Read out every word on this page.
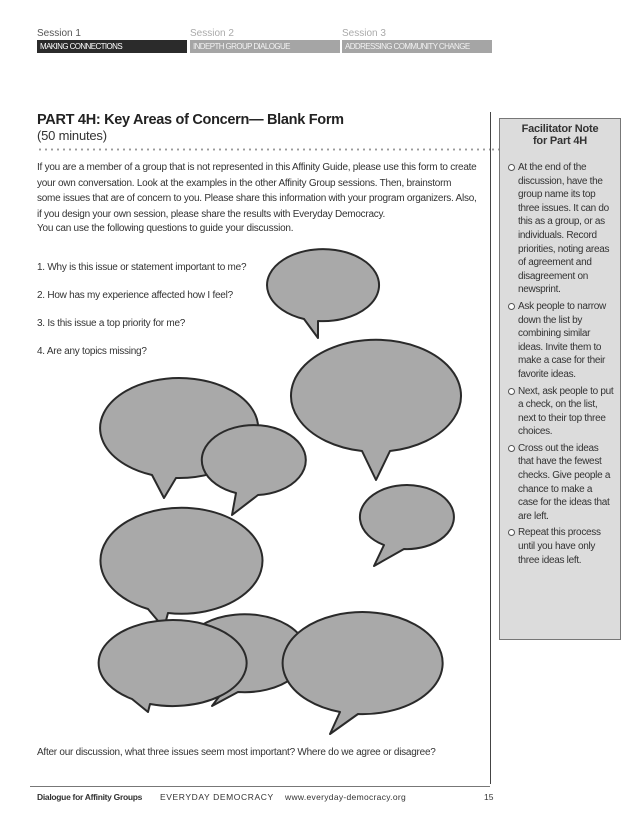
Session 1
MAKING CONNECTIONS
Session 2
INDEPTH GROUP DIALOGUE
Session 3
ADDRESSING COMMUNITY CHANGE
PART 4H: Key Areas of Concern— Blank Form
(50 minutes)
If you are a member of a group that is not represented in this Affinity Guide, please use this form to create your own conversation. Look at the examples in the other Affinity Group sessions. Then, brainstorm some issues that are of concern to you. Please share this information with your program organizers. Also, if you design your own session, please share the results with Everyday Democracy.
You can use the following questions to guide your discussion.
1. Why is this issue or statement important to me?
2. How has my experience affected how I feel?
3. Is this issue a top priority for me?
4. Are any topics missing?
After our discussion, what three issues seem most important? Where do we agree or disagree?
Facilitator Note
for Part 4H
At the end of the discussion, have the group name its top three issues. It can do this as a group, or as individuals. Record priorities, noting areas of agreement and disagreement on newsprint.
Ask people to narrow down the list by combining similar ideas. Invite them to make a case for their favorite ideas.
Next, ask people to put a check, on the list, next to their top three choices.
Cross out the ideas that have the fewest checks. Give people a chance to make a case for the ideas that are left.
Repeat this process until you have only three ideas left.
Dialogue for Affinity Groups EVERYDAY DEMOCRACY www.everyday-democracy.org	15
